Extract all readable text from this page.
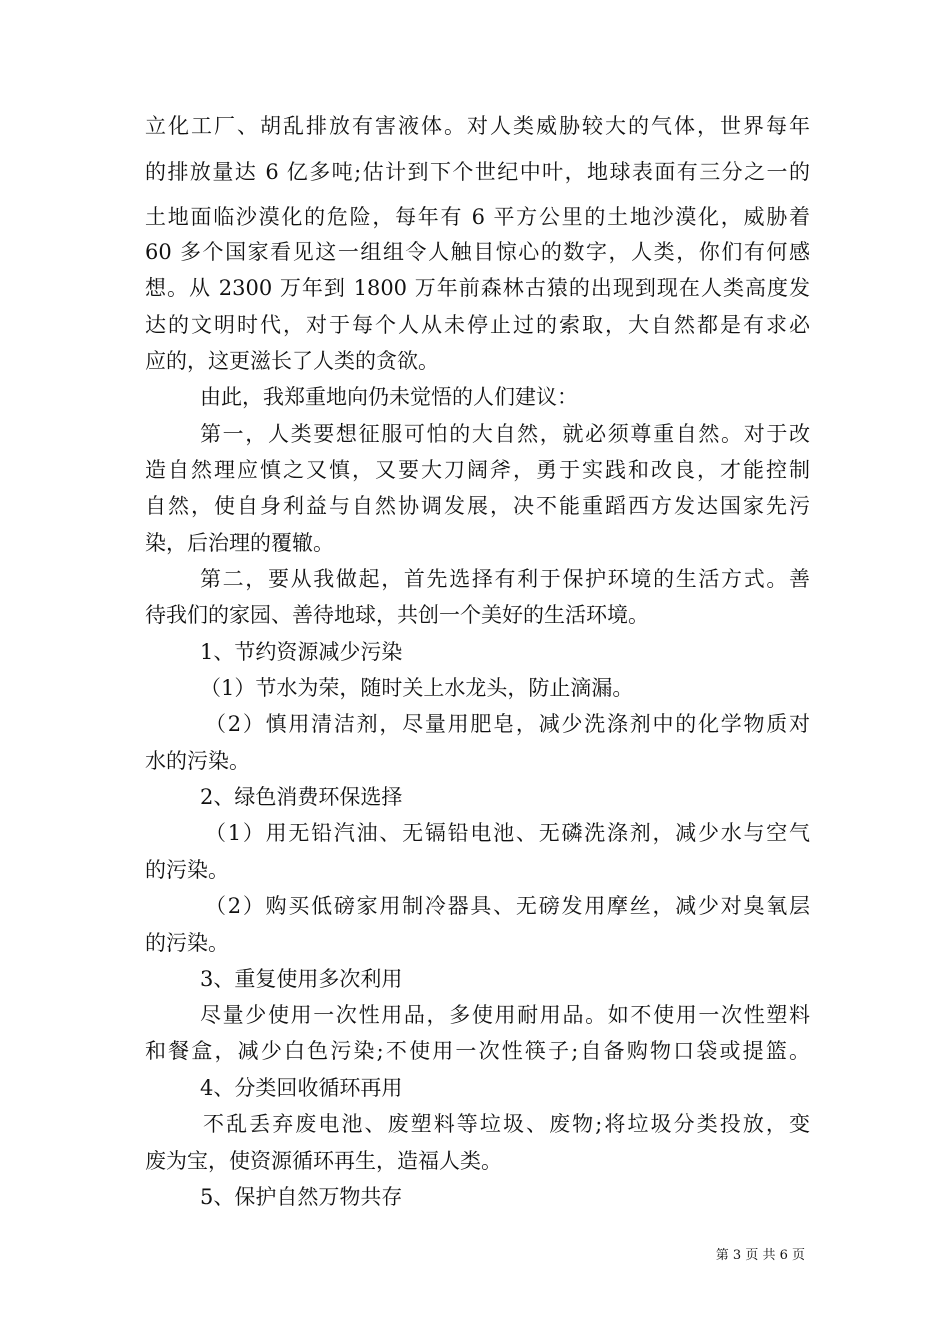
立化工厂、胡乱排放有害液体。对人类威胁较大的气体，世界每年
的排放量达 6 亿多吨;估计到下个世纪中叶，地球表面有三分之一的
土地面临沙漠化的危险，每年有 6 平方公里的土地沙漠化，威胁着
60 多个国家看见这一组组令人触目惊心的数字，人类，你们有何感
想。从 2300 万年到 1800 万年前森林古猿的出现到现在人类高度发
达的文明时代，对于每个人从未停止过的索取，大自然都是有求必
应的，这更滋长了人类的贪欲。
由此，我郑重地向仍未觉悟的人们建议：
第一，人类要想征服可怕的大自然，就必须尊重自然。对于改
造自然理应慎之又慎，又要大刀阔斧，勇于实践和改良，才能控制
自然，使自身利益与自然协调发展，决不能重蹈西方发达国家先污
染，后治理的覆辙。
第二，要从我做起，首先选择有利于保护环境的生活方式。善
待我们的家园、善待地球，共创一个美好的生活环境。
1、节约资源减少污染
（1）节水为荣，随时关上水龙头，防止滴漏。
（2）慎用清洁剂，尽量用肥皂，减少洗涤剂中的化学物质对
水的污染。
2、绿色消费环保选择
（1）用无铅汽油、无镉铅电池、无磷洗涤剂，减少水与空气
的污染。
（2）购买低磅家用制冷器具、无磅发用摩丝，减少对臭氧层
的污染。
3、重复使用多次利用
尽量少使用一次性用品，多使用耐用品。如不使用一次性塑料
和餐盒，减少白色污染;不使用一次性筷子;自备购物口袋或提篮。
4、分类回收循环再用
不乱丢弃废电池、废塑料等垃圾、废物;将垃圾分类投放，变
废为宝，使资源循环再生，造福人类。
5、保护自然万物共存
第 3 页 共 6 页
